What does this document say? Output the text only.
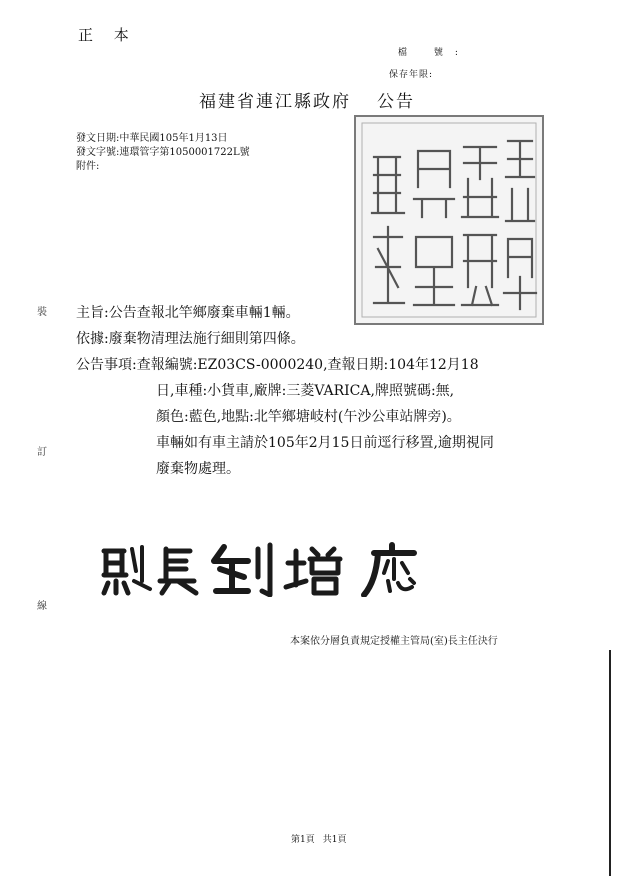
正 本
檔 號:
保存年限:
福建省連江縣政府 公告
發文日期:中華民國105年1月13日
發文字號:連環管字第1050001722L號
附件:
裝
訂
線
主旨: 公告查報北竿鄉廢棄車輛1輛。
依據: 廢棄物清理法施行細則第四條。
公告事項: 查報編號:EZ03CS-0000240,查報日期:104年12月18
日,車種:小貨車,廠牌:三菱VARICA,牌照號碼:無,
顏色:藍色,地點:北竿鄉塘岐村(午沙公車站牌旁)。
車輛如有車主請於105年2月15日前逕行移置,逾期視同
廢棄物處理。
本案依分層負責規定授權主管局(室)長主任決行
第1頁 共1頁
